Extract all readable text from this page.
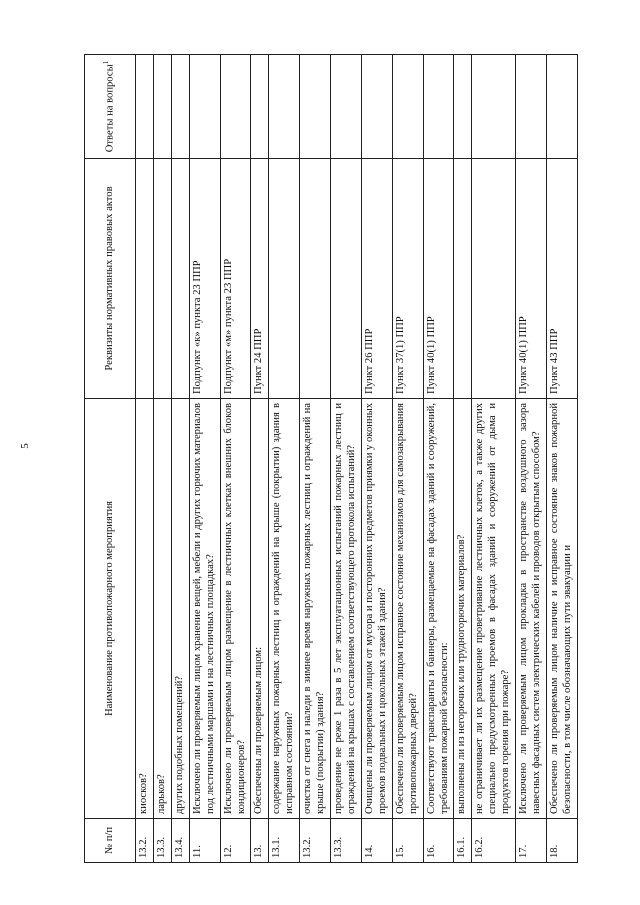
5
№ п/п	Наименование противопожарного мероприятия	Реквизиты нормативных правовых актов	Ответы на вопросы$^1$
13.2.	киосков?		
13.3.	ларьков?		
13.4.	других подобных помещений?		
11.	Исключено ли проверяемым лицом хранение вещей, мебели и других горючих материалов под лестничными маршами и на лестничных площадках?	Подпункт «к» пункта 23 ППР	
12.	Исключено ли проверяемым лицом размещение в лестничных клетках внешних блоков кондиционеров?	Подпункт «м» пункта 23 ППР	
13.	Обеспечены ли проверяемым лицом:	Пункт 24 ППР	
13.1.	содержание наружных пожарных лестниц и ограждений на крыше (покрытии) здания в исправном состоянии?		
13.2.	очистка от снега и наледи в зимнее время наружных пожарных лестниц и ограждений на крыше (покрытии) здания?		
13.3.	проведение не реже 1 раза в 5 лет эксплуатационных испытаний пожарных лестниц и ограждений на крышах с составлением соответствующего протокола испытаний?		
14.	Очищены ли проверяемым лицом от мусора и посторонних предметов приямки у оконных проемов подвальных и цокольных этажей здания?	Пункт 26 ППР	
15.	Обеспечено ли проверяемым лицом исправное состояние механизмов для самозакрывания противопожарных дверей?	Пункт 37(1) ППР	
16.	Соответствуют транспаранты и баннеры, размещаемые на фасадах зданий и сооружений, требованиям пожарной безопасности:	Пункт 40(1) ППР	
16.1.	выполнены ли из негорючих или трудногорючих материалов?		
16.2.	не ограничивает ли их размещение проветривание лестничных клеток, а также других специально предусмотренных проемов в фасадах зданий и сооружений от дыма и продуктов горения при пожаре?		
17.	Исключено ли проверяемым лицом прокладка в пространстве воздушного зазора навесных фасадных систем электрических кабелей и проводов открытым способом?	Пункт 40(1) ППР	
18.	Обеспечено ли проверяемым лицом наличие и исправное состояние знаков пожарной безопасности, в том числе обозначающих пути эвакуации и	Пункт 43 ППР	
